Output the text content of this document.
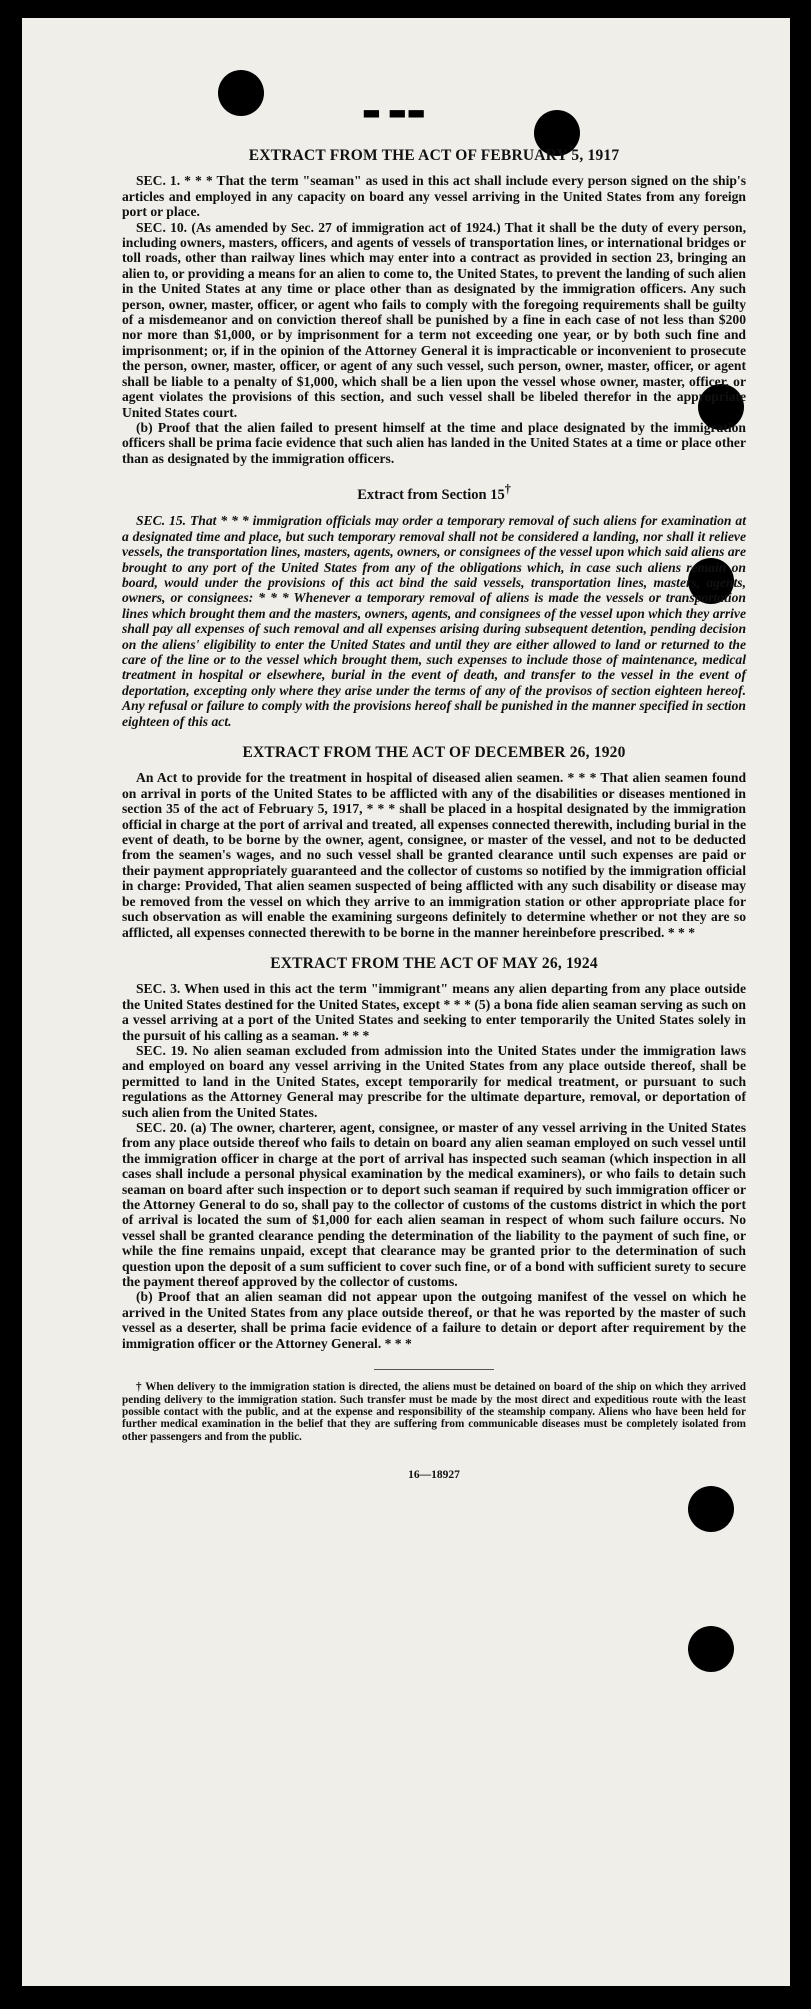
▬ ▬▬
EXTRACT FROM THE ACT OF FEBRUARY 5, 1917

SEC. 1. * * * That the term "seaman" as used in this act shall include every person signed on the ship's articles and employed in any capacity on board any vessel arriving in the United States from any foreign port or place.

SEC. 10. (As amended by Sec. 27 of immigration act of 1924.) That it shall be the duty of every person, including owners, masters, officers, and agents of vessels of transportation lines, or international bridges or toll roads, other than railway lines which may enter into a contract as provided in section 23, bringing an alien to, or providing a means for an alien to come to, the United States, to prevent the landing of such alien in the United States at any time or place other than as designated by the immigration officers. Any such person, owner, master, officer, or agent who fails to comply with the foregoing requirements shall be guilty of a misdemeanor and on conviction thereof shall be punished by a fine in each case of not less than $200 nor more than $1,000, or by imprisonment for a term not exceeding one year, or by both such fine and imprisonment; or, if in the opinion of the Attorney General it is impracticable or inconvenient to prosecute the person, owner, master, officer, or agent of any such vessel, such person, owner, master, officer, or agent shall be liable to a penalty of $1,000, which shall be a lien upon the vessel whose owner, master, officer, or agent violates the provisions of this section, and such vessel shall be libeled therefor in the appropriate United States court.

(b) Proof that the alien failed to present himself at the time and place designated by the immigration officers shall be prima facie evidence that such alien has landed in the United States at a time or place other than as designated by the immigration officers.

Extract from Section 15†

SEC. 15. That * * * immigration officials may order a temporary removal of such aliens for examination at a designated time and place, but such temporary removal shall not be considered a landing, nor shall it relieve vessels, the transportation lines, masters, agents, owners, or consignees of the vessel upon which said aliens are brought to any port of the United States from any of the obligations which, in case such aliens remain on board, would under the provisions of this act bind the said vessels, transportation lines, masters, agents, owners, or consignees: * * * Whenever a temporary removal of aliens is made the vessels or transportation lines which brought them and the masters, owners, agents, and consignees of the vessel upon which they arrive shall pay all expenses of such removal and all expenses arising during subsequent detention, pending decision on the aliens' eligibility to enter the United States and until they are either allowed to land or returned to the care of the line or to the vessel which brought them, such expenses to include those of maintenance, medical treatment in hospital or elsewhere, burial in the event of death, and transfer to the vessel in the event of deportation, excepting only where they arise under the terms of any of the provisos of section eighteen hereof. Any refusal or failure to comply with the provisions hereof shall be punished in the manner specified in section eighteen of this act.

EXTRACT FROM THE ACT OF DECEMBER 26, 1920

An Act to provide for the treatment in hospital of diseased alien seamen. * * * That alien seamen found on arrival in ports of the United States to be afflicted with any of the disabilities or diseases mentioned in section 35 of the act of February 5, 1917, * * * shall be placed in a hospital designated by the immigration official in charge at the port of arrival and treated, all expenses connected therewith, including burial in the event of death, to be borne by the owner, agent, consignee, or master of the vessel, and not to be deducted from the seamen's wages, and no such vessel shall be granted clearance until such expenses are paid or their payment appropriately guaranteed and the collector of customs so notified by the immigration official in charge: Provided, That alien seamen suspected of being afflicted with any such disability or disease may be removed from the vessel on which they arrive to an immigration station or other appropriate place for such observation as will enable the examining surgeons definitely to determine whether or not they are so afflicted, all expenses connected therewith to be borne in the manner hereinbefore prescribed. * * *

EXTRACT FROM THE ACT OF MAY 26, 1924

SEC. 3. When used in this act the term "immigrant" means any alien departing from any place outside the United States destined for the United States, except * * * (5) a bona fide alien seaman serving as such on a vessel arriving at a port of the United States and seeking to enter temporarily the United States solely in the pursuit of his calling as a seaman. * * *

SEC. 19. No alien seaman excluded from admission into the United States under the immigration laws and employed on board any vessel arriving in the United States from any place outside thereof, shall be permitted to land in the United States, except temporarily for medical treatment, or pursuant to such regulations as the Attorney General may prescribe for the ultimate departure, removal, or deportation of such alien from the United States.

SEC. 20. (a) The owner, charterer, agent, consignee, or master of any vessel arriving in the United States from any place outside thereof who fails to detain on board any alien seaman employed on such vessel until the immigration officer in charge at the port of arrival has inspected such seaman (which inspection in all cases shall include a personal physical examination by the medical examiners), or who fails to detain such seaman on board after such inspection or to deport such seaman if required by such immigration officer or the Attorney General to do so, shall pay to the collector of customs of the customs district in which the port of arrival is located the sum of $1,000 for each alien seaman in respect of whom such failure occurs. No vessel shall be granted clearance pending the determination of the liability to the payment of such fine, or while the fine remains unpaid, except that clearance may be granted prior to the determination of such question upon the deposit of a sum sufficient to cover such fine, or of a bond with sufficient surety to secure the payment thereof approved by the collector of customs.

(b) Proof that an alien seaman did not appear upon the outgoing manifest of the vessel on which he arrived in the United States from any place outside thereof, or that he was reported by the master of such vessel as a deserter, shall be prima facie evidence of a failure to detain or deport after requirement by the immigration officer or the Attorney General. * * *

† When delivery to the immigration station is directed, the aliens must be detained on board of the ship on which they arrived pending delivery to the immigration station. Such transfer must be made by the most direct and expeditious route with the least possible contact with the public, and at the expense and responsibility of the steamship company. Aliens who have been held for further medical examination in the belief that they are suffering from communicable diseases must be completely isolated from other passengers and from the public.

16—18927
